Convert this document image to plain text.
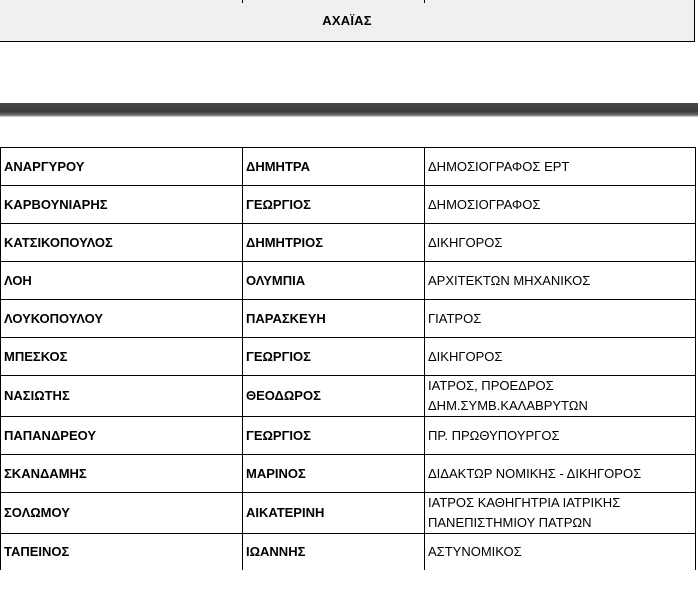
ΑΧΑΪΑΣ
ΑΝΑΡΓΥΡΟΥ	ΔΗΜΗΤΡΑ	ΔΗΜΟΣΙΟΓΡΑΦΟΣ ΕΡΤ
ΚΑΡΒΟΥΝΙΑΡΗΣ	ΓΕΩΡΓΙΟΣ	ΔΗΜΟΣΙΟΓΡΑΦΟΣ
ΚΑΤΣΙΚΟΠΟΥΛΟΣ	ΔΗΜΗΤΡΙΟΣ	ΔΙΚΗΓΟΡΟΣ
ΛΟΗ	ΟΛΥΜΠΙΑ	ΑΡΧΙΤΕΚΤΩΝ ΜΗΧΑΝΙΚΟΣ
ΛΟΥΚΟΠΟΥΛΟΥ	ΠΑΡΑΣΚΕΥΗ	ΓΙΑΤΡΟΣ
ΜΠΕΣΚΟΣ	ΓΕΩΡΓΙΟΣ	ΔΙΚΗΓΟΡΟΣ
ΝΑΣΙΩΤΗΣ	ΘΕΟΔΩΡΟΣ	ΙΑΤΡΟΣ, ΠΡΟΕΔΡΟΣ ΔΗΜ.ΣΥΜΒ.ΚΑΛΑΒΡΥΤΩΝ
ΠΑΠΑΝΔΡΕΟΥ	ΓΕΩΡΓΙΟΣ	ΠΡ. ΠΡΩΘΥΠΟΥΡΓΟΣ
ΣΚΑΝΔΑΜΗΣ	ΜΑΡΙΝΟΣ	ΔΙΔΑΚΤΩΡ ΝΟΜΙΚΗΣ - ΔΙΚΗΓΟΡΟΣ
ΣΟΛΩΜΟΥ	ΑΙΚΑΤΕΡΙΝΗ	ΙΑΤΡΟΣ ΚΑΘΗΓΗΤΡΙΑ ΙΑΤΡΙΚΗΣ ΠΑΝΕΠΙΣΤΗΜΙΟΥ ΠΑΤΡΩΝ
ΤΑΠΕΙΝΟΣ	ΙΩΑΝΝΗΣ	ΑΣΤΥΝΟΜΙΚΟΣ
